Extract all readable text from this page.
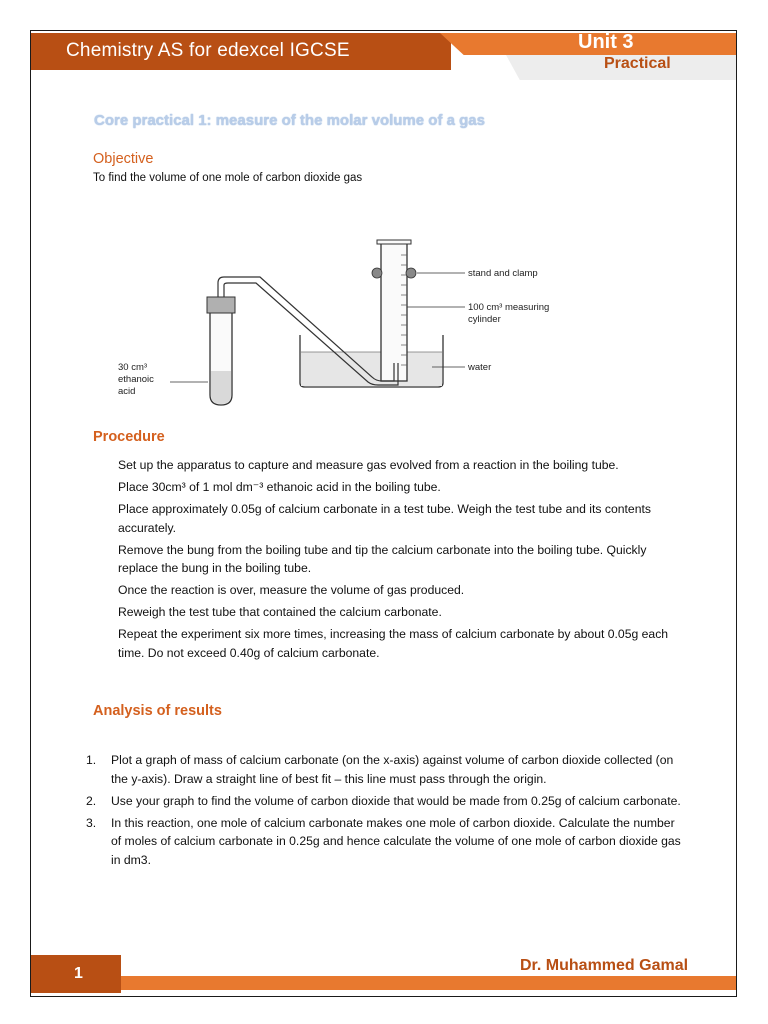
Chemistry AS for edexcel IGCSE	Unit 3
Practical
Core practical 1: measure of the molar volume of a gas
Objective
To find the volume of one mole of carbon dioxide gas
stand and clamp
100 cm³ measuring
cylinder
water
30 cm³
ethanoic
acid
Procedure
Set up the apparatus to capture and measure gas evolved from a reaction in the boiling tube.
Place 30cm³ of 1 mol dm⁻³ ethanoic acid in the boiling tube.
Place approximately 0.05g of calcium carbonate in a test tube. Weigh the test tube and its contents accurately.
Remove the bung from the boiling tube and tip the calcium carbonate into the boiling tube. Quickly replace the bung in the boiling tube.
Once the reaction is over, measure the volume of gas produced.
Reweigh the test tube that contained the calcium carbonate.
Repeat the experiment six more times, increasing the mass of calcium carbonate by about 0.05g each time. Do not exceed 0.40g of calcium carbonate.
Analysis of results
1. Plot a graph of mass of calcium carbonate (on the x-axis) against volume of carbon dioxide collected (on the y-axis). Draw a straight line of best fit – this line must pass through the origin.
2. Use your graph to find the volume of carbon dioxide that would be made from 0.25g of calcium carbonate.
3. In this reaction, one mole of calcium carbonate makes one mole of carbon dioxide. Calculate the number of moles of calcium carbonate in 0.25g and hence calculate the volume of one mole of carbon dioxide gas in dm3.
1	Dr. Muhammed Gamal
